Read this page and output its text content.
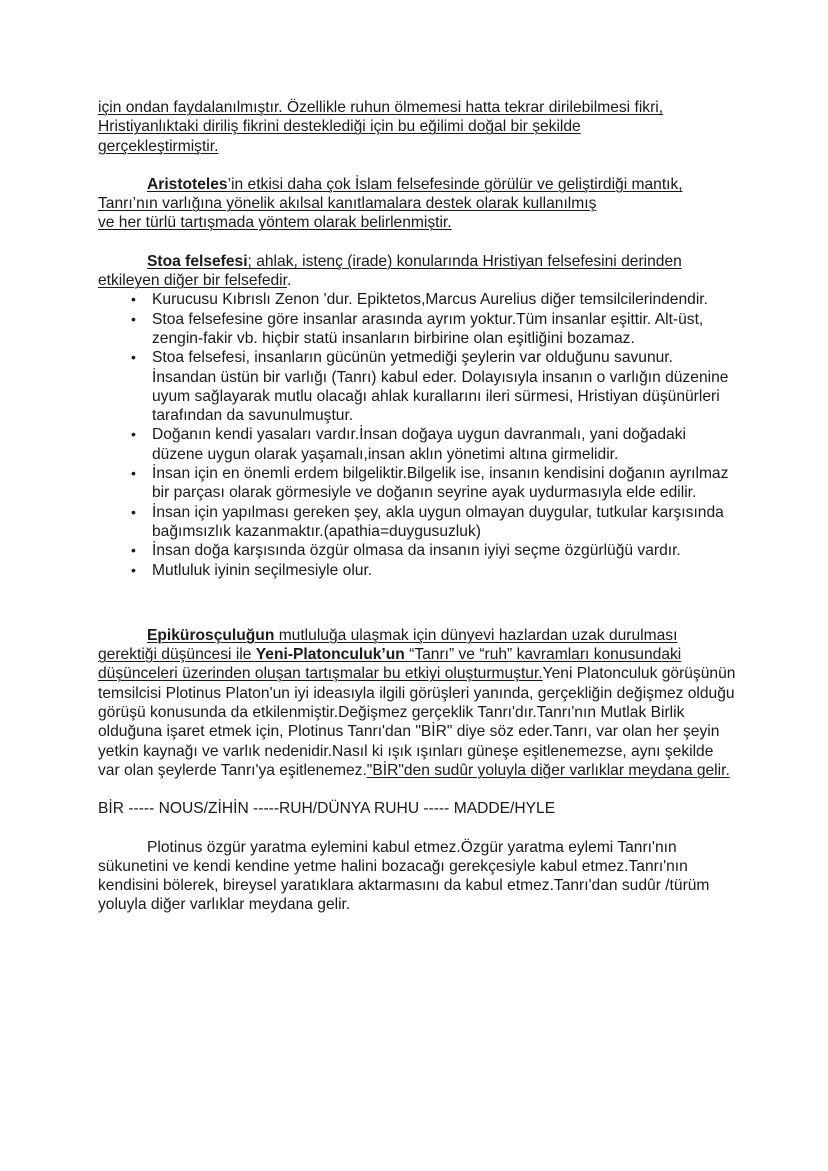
için ondan faydalanılmıştır. Özellikle ruhun ölmemesi hatta tekrar dirilebilmesi fikri,
Hristiyanlıktaki diriliş fikrini desteklediği için bu eğilimi doğal bir şekilde
gerçekleştirmiştir.

Aristoteles’in etkisi daha çok İslam felsefesinde görülür ve geliştirdiği mantık,
Tanrı’nın varlığına yönelik akılsal kanıtlamalara destek olarak kullanılmış
ve her türlü tartışmada yöntem olarak belirlenmiştir.

Stoa felsefesi; ahlak, istenç (irade) konularında Hristiyan felsefesini derinden
etkileyen diğer bir felsefedir.

• Kurucusu Kıbrıslı Zenon 'dur. Epiktetos,Marcus Aurelius diğer temsilcilerindendir.
• Stoa felsefesine göre insanlar arasında ayrım yoktur.Tüm insanlar eşittir. Alt-üst, zengin-fakir vb. hiçbir statü insanların birbirine olan eşitliğini bozamaz.
• Stoa felsefesi, insanların gücünün yetmediği şeylerin var olduğunu savunur. İnsandan üstün bir varlığı (Tanrı) kabul eder. Dolayısıyla insanın o varlığın düzenine uyum sağlayarak mutlu olacağı ahlak kurallarını ileri sürmesi, Hristiyan düşünürleri tarafından da savunulmuştur.
• Doğanın kendi yasaları vardır.İnsan doğaya uygun davranmalı, yani doğadaki düzene uygun olarak yaşamalı,insan aklın yönetimi altına girmelidir.
• İnsan için en önemli erdem bilgeliktir.Bilgelik ise, insanın kendisini doğanın ayrılmaz bir parçası olarak görmesiyle ve doğanın seyrine ayak uydurmasıyla elde edilir.
• İnsan için yapılması gereken şey, akla uygun olmayan duygular, tutkular karşısında bağımsızlık kazanmaktır.(apathia=duygusuzluk)
• İnsan doğa karşısında özgür olmasa da insanın iyiyi seçme özgürlüğü vardır.
• Mutluluk iyinin seçilmesiyle olur.

Epikürosçuluğun mutluluğa ulaşmak için dünyevi hazlardan uzak durulması gerektiği düşüncesi ile Yeni-Platonculuk’un “Tanrı” ve “ruh” kavramları konusundaki düşünceleri üzerinden oluşan tartışmalar bu etkiyi oluşturmuştur.Yeni Platonculuk görüşünün temsilcisi Plotinus Platon'un iyi ideasıyla ilgili görüşleri yanında, gerçekliğin değişmez olduğu görüşü konusunda da etkilenmiştir.Değişmez gerçeklik Tanrı'dır.Tanrı'nın Mutlak Birlik olduğuna işaret etmek için, Plotinus Tanrı'dan "BİR" diye söz eder.Tanrı, var olan her şeyin yetkin kaynağı ve varlık nedenidir.Nasıl ki ışık ışınları güneşe eşitlenemezse, aynı şekilde var olan şeylerde Tanrı'ya eşitlenemez."BİR"den sudûr yoluyla diğer varlıklar meydana gelir.

BİR ----- NOUS/ZİHİN -----RUH/DÜNYA RUHU ----- MADDE/HYLE

Plotinus özgür yaratma eylemini kabul etmez.Özgür yaratma eylemi Tanrı'nın sükunetini ve kendi kendine yetme halini bozacağı gerekçesiyle kabul etmez.Tanrı'nın kendisini bölerek, bireysel yaratıklara aktarmasını da kabul etmez.Tanrı'dan sudûr /türüm yoluyla diğer varlıklar meydana gelir.
